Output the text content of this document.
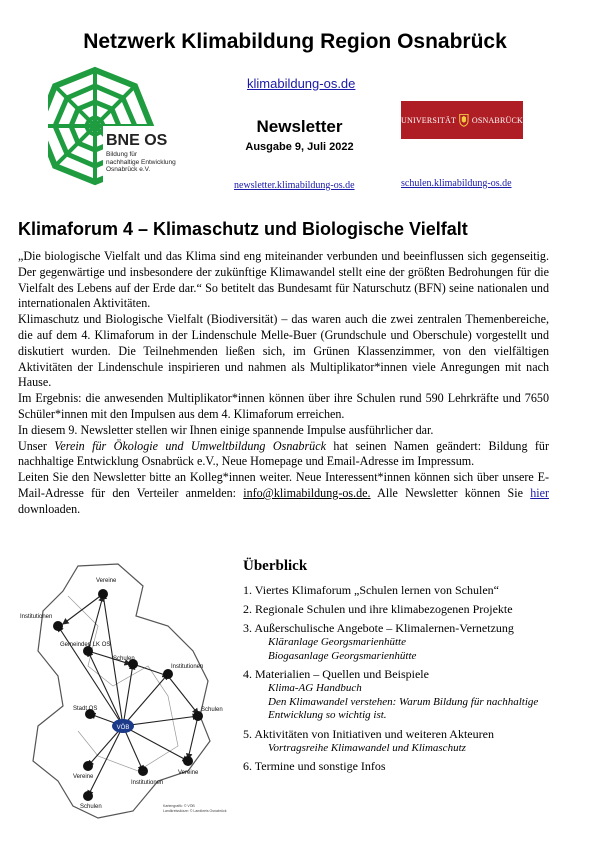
Netzwerk Klimabildung Region Osnabrück
BNE OS
Bildung für
nachhaltige Entwicklung
Osnabrück e.V.
klimabildung-os.de
Newsletter
Ausgabe 9, Juli 2022
UNIVERSITÄT OSNABRÜCK
newsletter.klimabildung-os.de	schulen.klimabildung-os.de
Klimaforum 4 – Klimaschutz und Biologische Vielfalt

„Die biologische Vielfalt und das Klima sind eng miteinander verbunden und beeinflussen sich gegenseitig. Der gegenwärtige und insbesondere der zukünftige Klimawandel stellt eine der größten Bedrohungen für die Vielfalt des Lebens auf der Erde dar.“ So betitelt das Bundesamt für Naturschutz (BFN) seine nationalen und internationalen Aktivitäten.

Klimaschutz und Biologische Vielfalt (Biodiversität) – das waren auch die zwei zentralen Themenbereiche, die auf dem 4. Klimaforum in der Lindenschule Melle-Buer (Grundschule und Oberschule) vorgestellt und diskutiert wurden. Die Teilnehmenden ließen sich, im Grünen Klassenzimmer, von den vielfältigen Aktivitäten der Lindenschule inspirieren und nahmen als Multiplikator*innen viele Anregungen mit nach Hause.

Im Ergebnis: die anwesenden Multiplikator*innen können über ihre Schulen rund 590 Lehrkräfte und 7650 Schüler*innen mit den Impulsen aus dem 4. Klimaforum erreichen.

In diesem 9. Newsletter stellen wir Ihnen einige spannende Impulse ausführlicher dar.

Unser Verein für Ökologie und Umweltbildung Osnabrück hat seinen Namen geändert: Bildung für nachhaltige Entwicklung Osnabrück e.V., Neue Homepage und Email-Adresse im Impressum.

Leiten Sie den Newsletter bitte an Kolleg*innen weiter. Neue Interessent*innen können sich über unsere E-Mail-Adresse für den Verteiler anmelden: info@klimabildung-os.de. Alle Newsletter können Sie hier downloaden.

VÖB
Vereine
Institutionen
Gemeinden LK OS
Schulen
Institutionen
Stadt OS	Schulen
Vereine
Vereine
Institutionen
Schulen	Kartengrafik: © VÖB
Landkreisskizze: © Landkreis Osnabrück
Überblick
1. Viertes Klimaforum „Schulen lernen von Schulen“
2. Regionale Schulen und ihre klimabezogenen Projekte
3. Außerschulische Angebote – Klimalernen-Vernetzung
Kläranlage Georgsmarienhütte
Biogasanlage Georgsmarienhütte
4. Materialien – Quellen und Beispiele
Klima-AG Handbuch
Den Klimawandel verstehen: Warum Bildung für nachhaltige Entwicklung so wichtig ist.
5. Aktivitäten von Initiativen und weiteren Akteuren
Vortragsreihe Klimawandel und Klimaschutz
6. Termine und sonstige Infos
